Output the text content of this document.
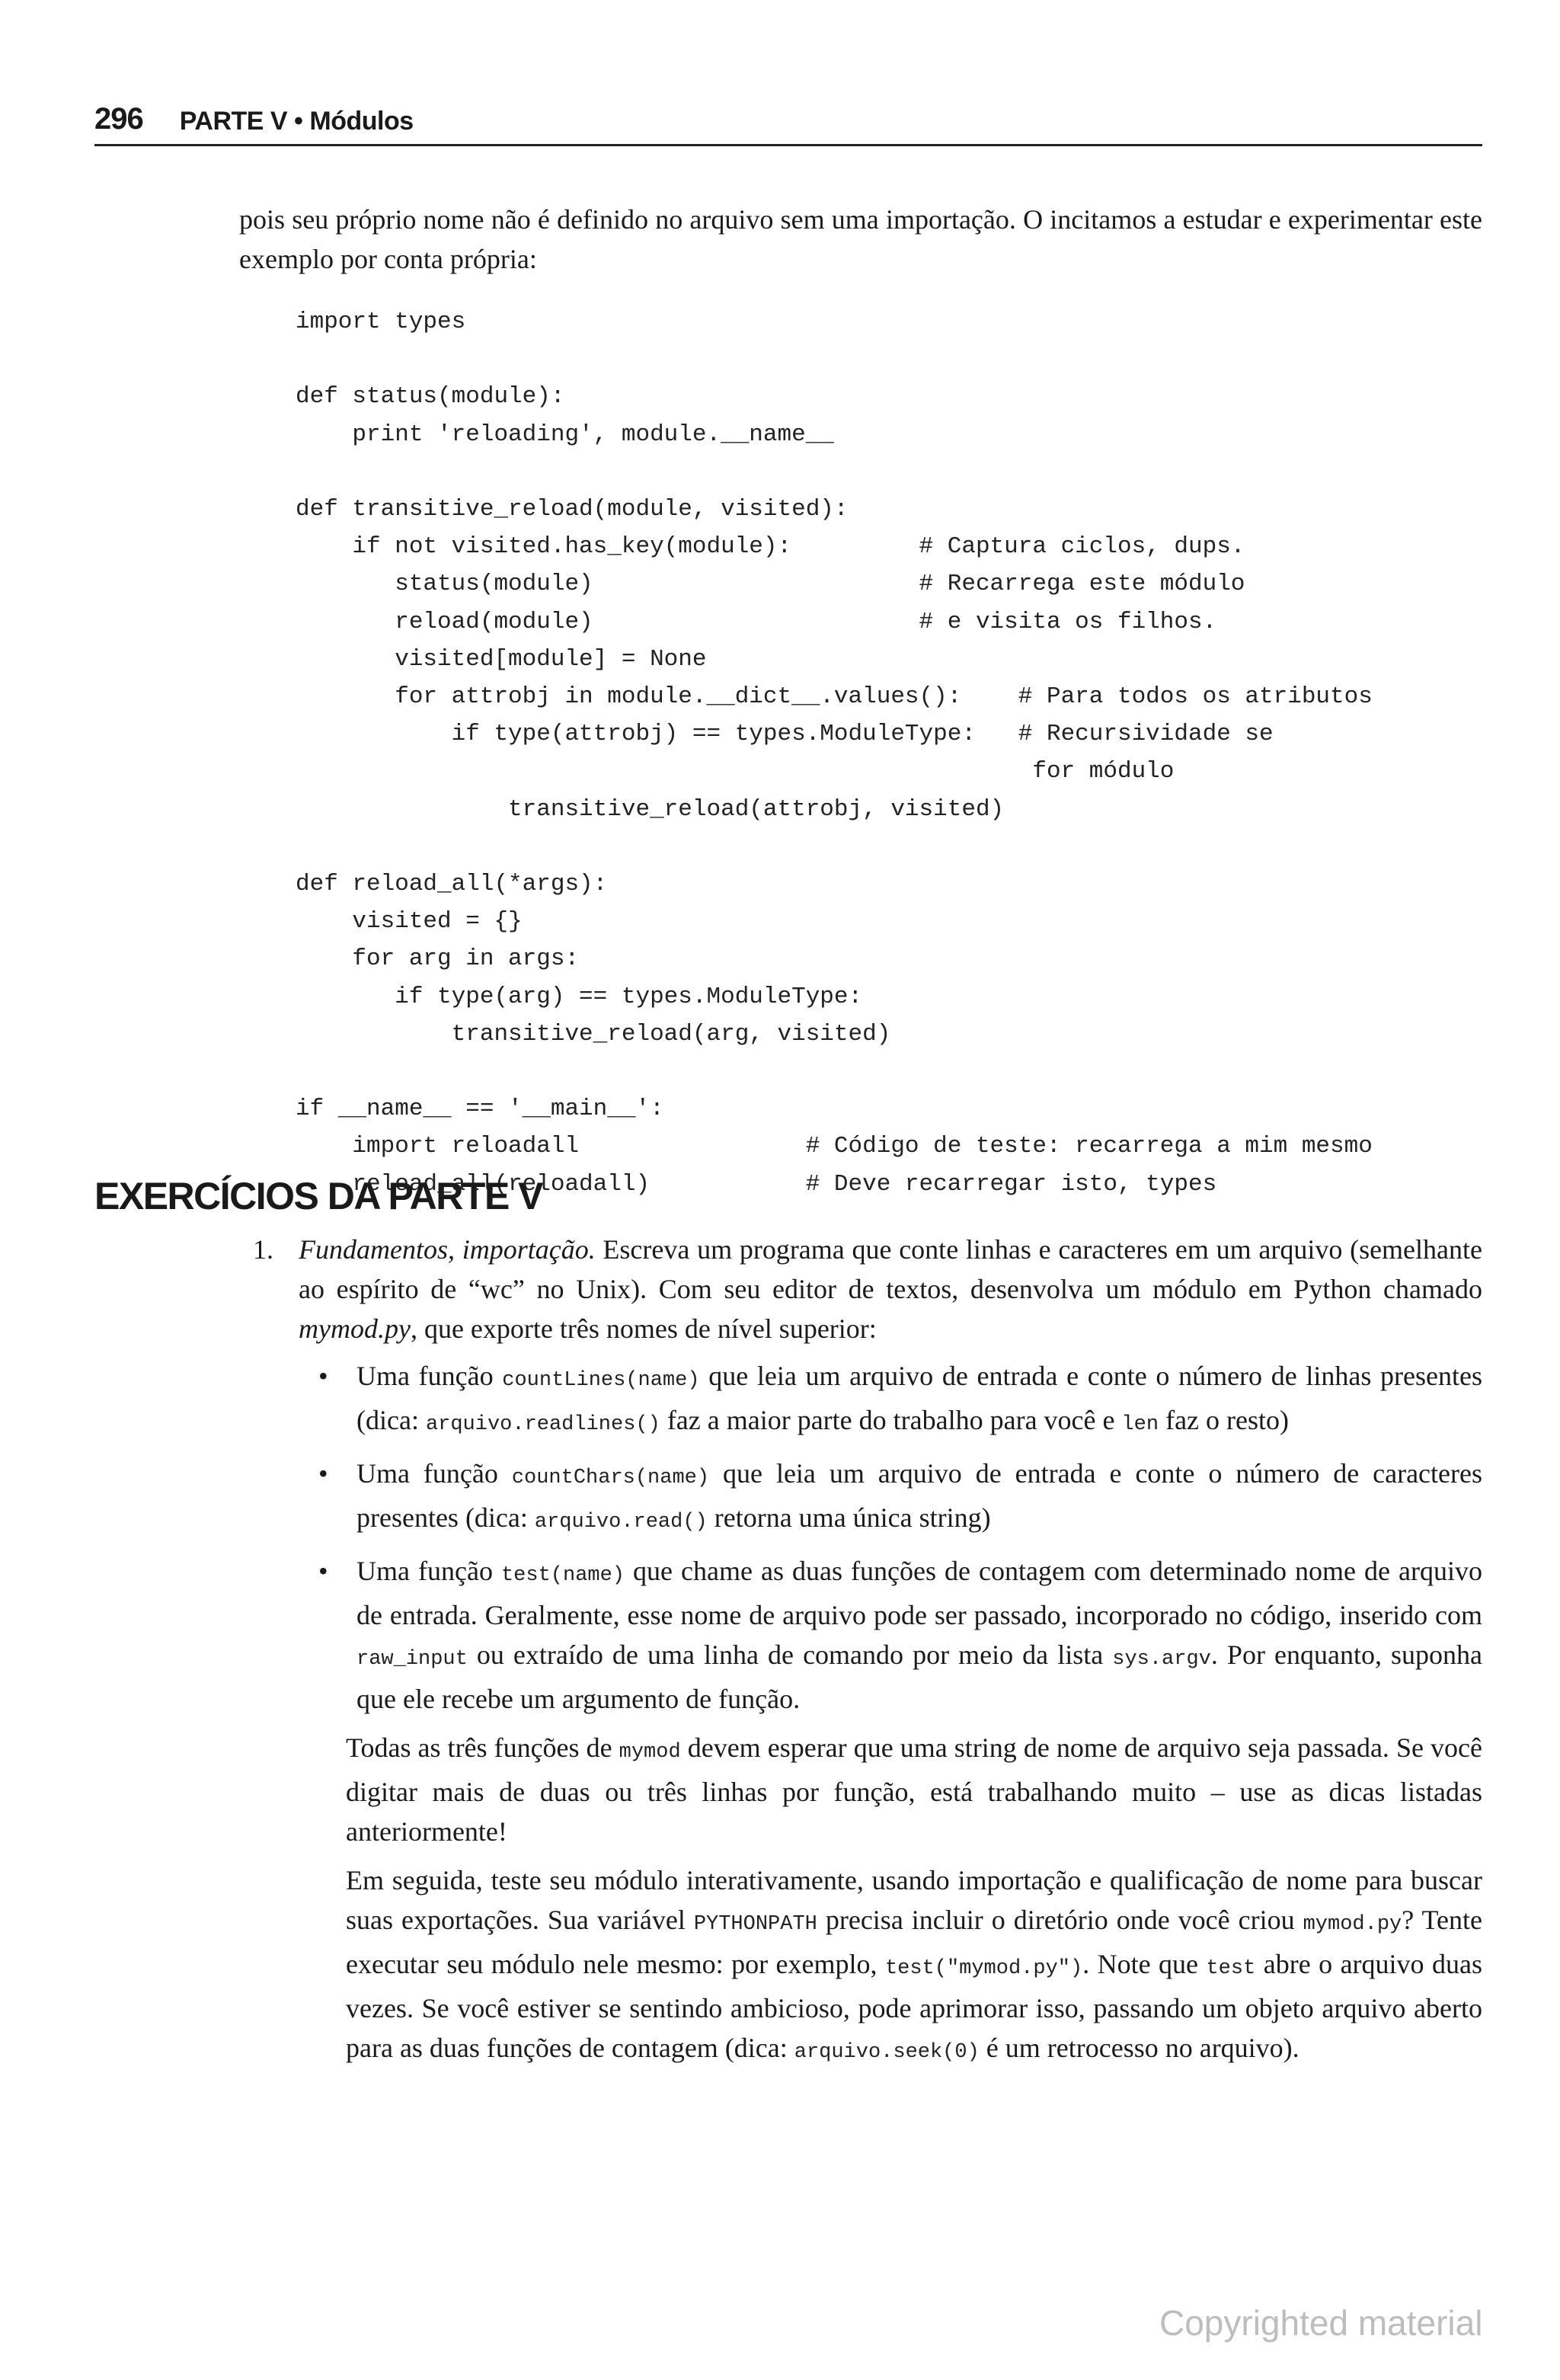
296 PARTE V • Módulos

pois seu próprio nome não é definido no arquivo sem uma importação. O incitamos a estudar e experimentar este exemplo por conta própria:

import types

def status(module):
print 'reloading', module.__name__

def transitive_reload(module, visited):
if not visited.has_key(module):         # Captura ciclos, dups.
status(module)                       # Recarrega este módulo
reload(module)                       # e visita os filhos.
visited[module] = None
for attrobj in module.__dict__.values():    # Para todos os atributos
if type(attrobj) == types.ModuleType:   # Recursividade se
for módulo
transitive_reload(attrobj, visited)

def reload_all(*args):
visited = {}
for arg in args:
if type(arg) == types.ModuleType:
transitive_reload(arg, visited)

if __name__ == '__main__':
import reloadall                # Código de teste: recarrega a mim mesmo
reload_all(reloadall)           # Deve recarregar isto, types
EXERCÍCIOS DA PARTE V
1. Fundamentos, importação. Escreva um programa que conte linhas e caracteres em um arquivo (semelhante ao espírito de “wc” no Unix). Com seu editor de textos, desenvolva um módulo em Python chamado mymod.py, que exporte três nomes de nível superior:

• Uma função countLines(name) que leia um arquivo de entrada e conte o número de linhas presentes (dica: arquivo.readlines() faz a maior parte do trabalho para você e len faz o resto)
• Uma função countChars(name) que leia um arquivo de entrada e conte o número de caracteres presentes (dica: arquivo.read() retorna uma única string)
• Uma função test(name) que chame as duas funções de contagem com determinado nome de arquivo de entrada. Geralmente, esse nome de arquivo pode ser passado, incorporado no código, inserido com raw_input ou extraído de uma linha de comando por meio da lista sys.argv. Por enquanto, suponha que ele recebe um argumento de função.

Todas as três funções de mymod devem esperar que uma string de nome de arquivo seja passada. Se você digitar mais de duas ou três linhas por função, está trabalhando muito – use as dicas listadas anteriormente!

Em seguida, teste seu módulo interativamente, usando importação e qualificação de nome para buscar suas exportações. Sua variável PYTHONPATH precisa incluir o diretório onde você criou mymod.py? Tente executar seu módulo nele mesmo: por exemplo, test("mymod.py"). Note que test abre o arquivo duas vezes. Se você estiver se sentindo ambicioso, pode aprimorar isso, passando um objeto arquivo aberto para as duas funções de contagem (dica: arquivo.seek(0) é um retrocesso no arquivo).

Copyrighted material
